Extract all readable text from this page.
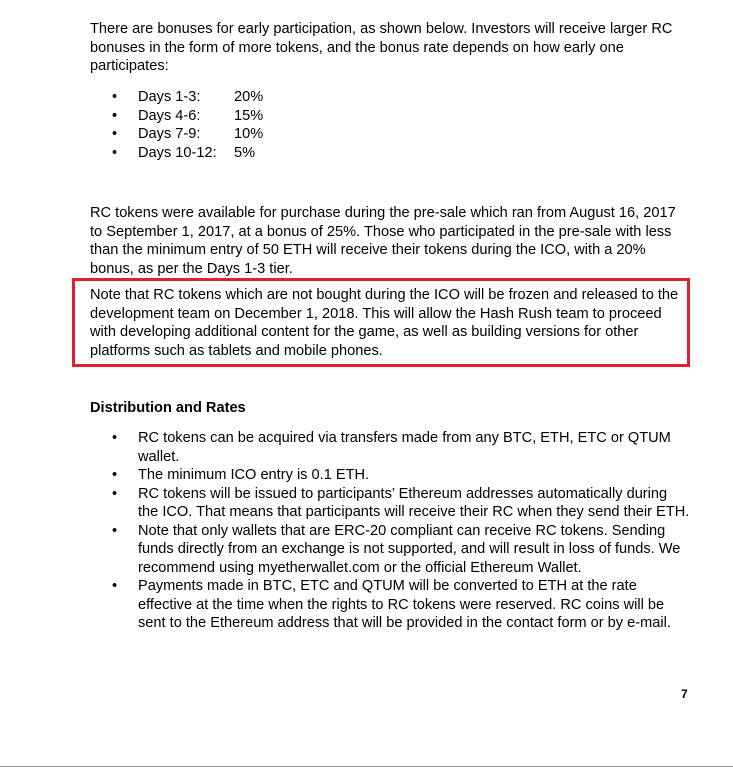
There are bonuses for early participation, as shown below. Investors will receive larger RC bonuses in the form of more tokens, and the bonus rate depends on how early one participates:

• Days 1-3:	20%
• Days 4-6:	15%
• Days 7-9:	10%
• Days 10-12:	5%

RC tokens were available for purchase during the pre-sale which ran from August 16, 2017 to September 1, 2017, at a bonus of 25%. Those who participated in the pre-sale with less than the minimum entry of 50 ETH will receive their tokens during the ICO, with a 20% bonus, as per the Days 1-3 tier.

Note that RC tokens which are not bought during the ICO will be frozen and released to the development team on December 1, 2018. This will allow the Hash Rush team to proceed with developing additional content for the game, as well as building versions for other platforms such as tablets and mobile phones.

Distribution and Rates

• RC tokens can be acquired via transfers made from any BTC, ETH, ETC or QTUM wallet.
• The minimum ICO entry is 0.1 ETH.
• RC tokens will be issued to participants’ Ethereum addresses automatically during the ICO. That means that participants will receive their RC when they send their ETH.
• Note that only wallets that are ERC-20 compliant can receive RC tokens. Sending funds directly from an exchange is not supported, and will result in loss of funds. We recommend using myetherwallet.com or the official Ethereum Wallet.
• Payments made in BTC, ETC and QTUM will be converted to ETH at the rate effective at the time when the rights to RC tokens were reserved. RC coins will be sent to the Ethereum address that will be provided in the contact form or by e-mail.
7
